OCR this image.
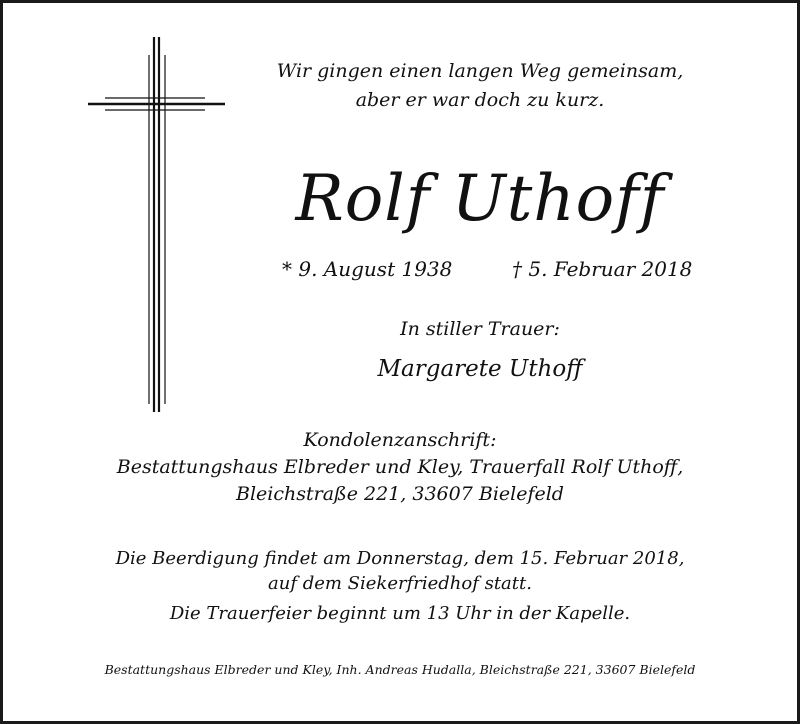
Wir gingen einen langen Weg gemeinsam,
aber er war doch zu kurz.
Rolf Uthoff
* 9. August 1938	† 5. Februar 2018
In stiller Trauer:
Margarete Uthoff
Kondolenzanschrift:
Bestattungshaus Elbreder und Kley, Trauerfall Rolf Uthoff,
Bleichstraße 221, 33607 Bielefeld
Die Beerdigung findet am Donnerstag, dem 15. Februar 2018,
auf dem Siekerfriedhof statt.
Die Trauerfeier beginnt um 13 Uhr in der Kapelle.
Bestattungshaus Elbreder und Kley, Inh. Andreas Hudalla, Bleichstraße 221, 33607 Bielefeld
